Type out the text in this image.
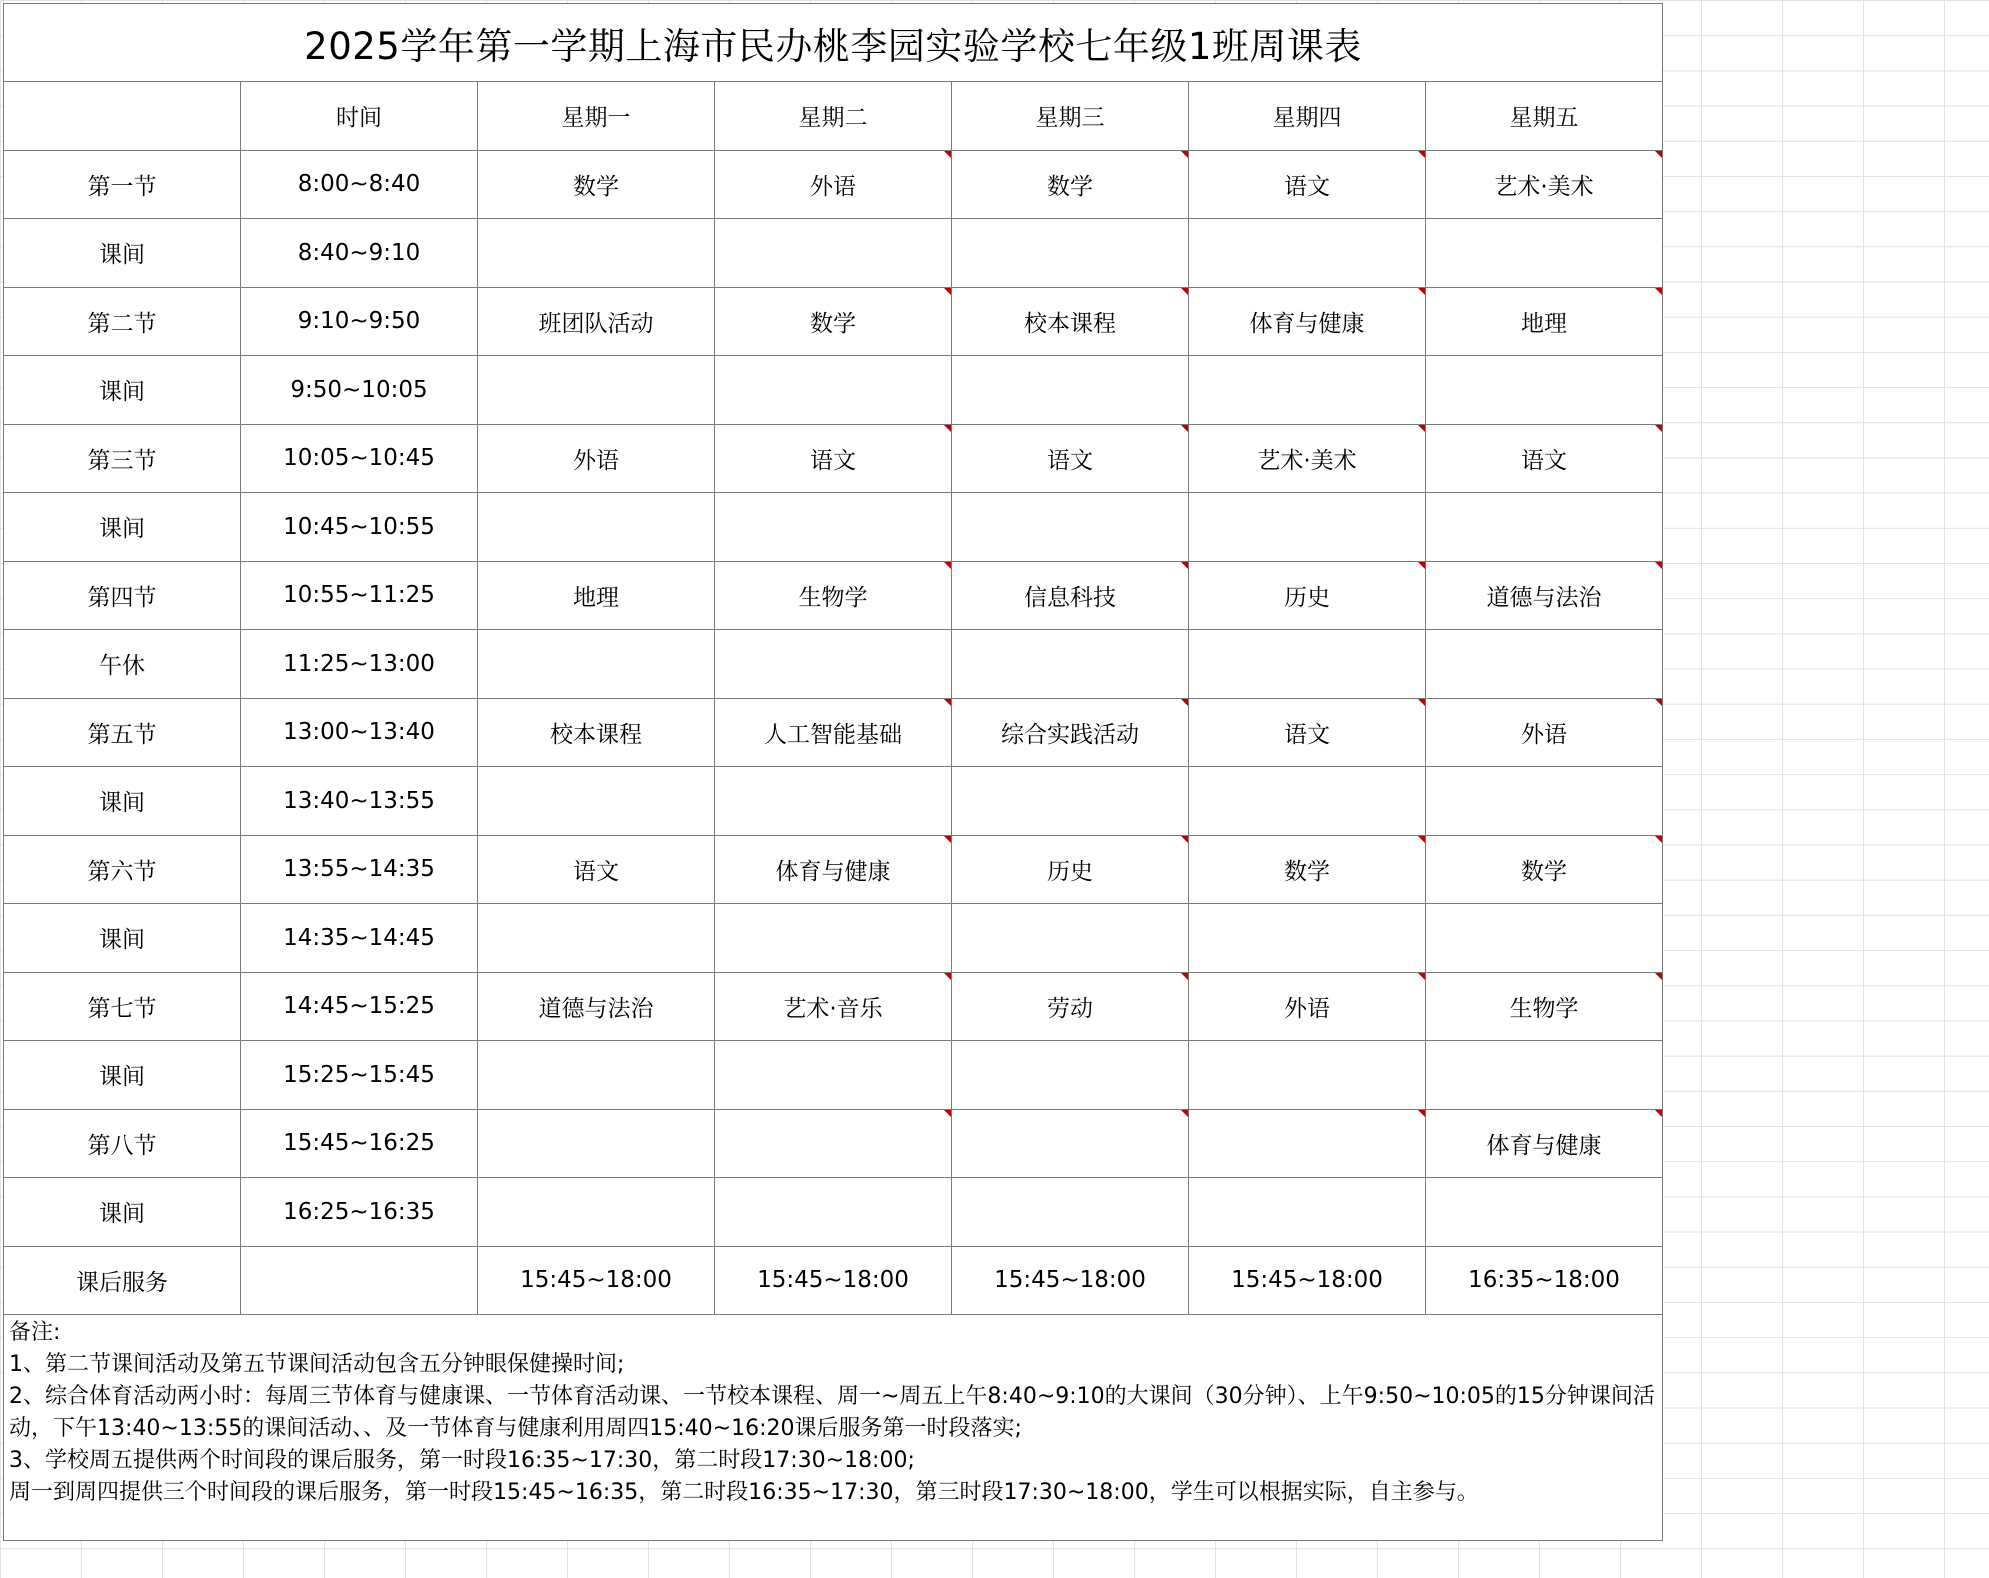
2025学年第一学期上海市民办桃李园实验学校七年级1班周课表						
	时间	星期一	星期二	星期三	星期四	星期五
第一节	8:00~8:40	数学	外语	数学	语文	艺术·美术
课间	8:40~9:10					
第二节	9:10~9:50	班团队活动	数学	校本课程	体育与健康	地理
课间	9:50~10:05					
第三节	10:05~10:45	外语	语文	语文	艺术·美术	语文
课间	10:45~10:55					
第四节	10:55~11:25	地理	生物学	信息科技	历史	道德与法治
午休	11:25~13:00					
第五节	13:00~13:40	校本课程	人工智能基础	综合实践活动	语文	外语
课间	13:40~13:55					
第六节	13:55~14:35	语文	体育与健康	历史	数学	数学
课间	14:35~14:45					
第七节	14:45~15:25	道德与法治	艺术·音乐	劳动	外语	生物学
课间	15:25~15:45					
第八节	15:45~16:25					体育与健康
课间	16:25~16:35					
课后服务		15:45~18:00	15:45~18:00	15:45~18:00	15:45~18:00	16:35~18:00

备注:
1、第二节课间活动及第五节课间活动包含五分钟眼保健操时间;
2、综合体育活动两小时：每周三节体育与健康课、一节体育活动课、一节校本课程、周一~周五上午8:40~9:10的大课间（30分钟）、上午9:50~10:05的15分钟课间活动，下午13:40~13:55的课间活动、、及一节体育与健康利用周四15:40~16:20课后服务第一时段落实;
3、学校周五提供两个时间段的课后服务，第一时段16:35~17:30，第二时段17:30~18:00;
周一到周四提供三个时间段的课后服务，第一时段15:45~16:35，第二时段16:35~17:30，第三时段17:30~18:00，学生可以根据实际，自主参与。						
